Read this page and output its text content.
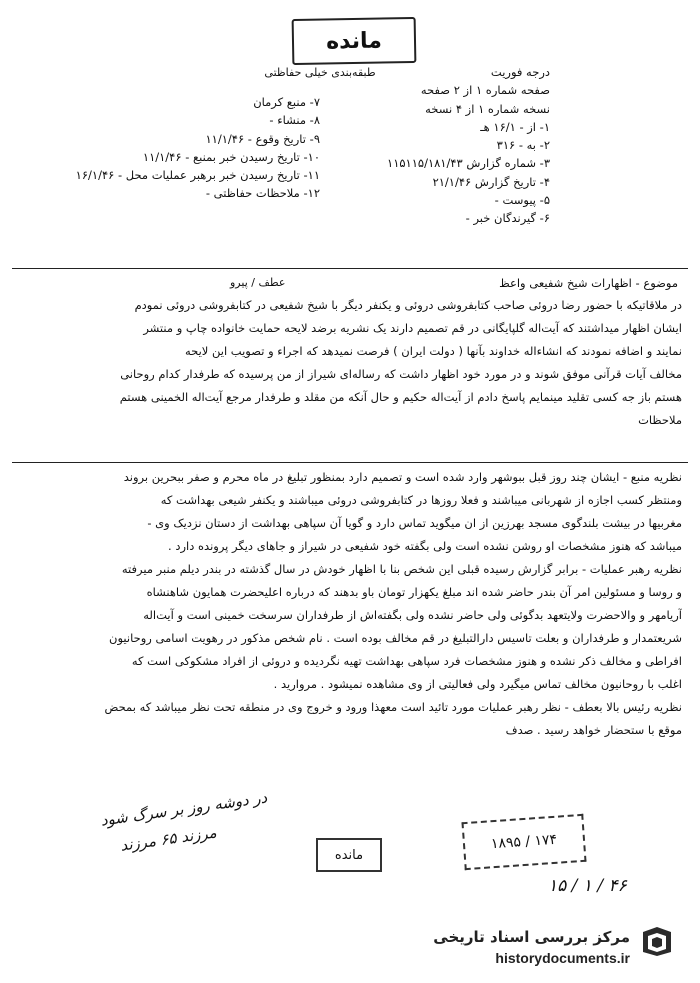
مانده
طبقه‌بندی خیلی حفاظتی	درجه فوریت
صفحه شماره ۱ از ۲ صفحه
نسخه شماره ۱ از ۴ نسخه
۱- از - ۱۶/۱ هـ
۲- به - ۳۱۶
۳- شماره گزارش ۱۱۵۱۱۵/۱۸۱/۴۳
۴- تاریخ گزارش ۲۱/۱/۴۶
۵- پیوست -
۶- گیرندگان خبر -
۷- منبع کرمان
۸- منشاء -
۹- تاریخ وقوع - ۱۱/۱/۴۶
۱۰- تاریخ رسیدن خبر بمنبع - ۱۱/۱/۴۶
۱۱- تاریخ رسیدن خبر برهبر عملیات محل - ۱۶/۱/۴۶
۱۲- ملاحظات حفاظتی -
موضوع - اظهارات شیخ شفیعی واعظ
عطف / پیرو
در ملاقاتیکه با حضور رضا دروئی صاحب کتابفروشی دروئی و یکنفر دیگر با شیخ شفیعی در کتابفروشی دروئی نمودم
ایشان اظهار میداشتند که آیت‌اله گلپایگانی در قم تصمیم دارند یک نشریه برضد لایحه حمایت خانواده چاپ و منتشر
نمایند و اضافه نمودند که انشاءاله خداوند بآنها ( دولت ایران ) فرصت نمیدهد که اجراء و تصویب این لایحه
مخالف آیات قرآنی موفق شوند و در مورد خود اظهار داشت که رساله‌ای شیراز از من پرسیده که طرفدار کدام روحانی
هستم باز جه کسی تقلید مینمایم پاسخ دادم از آیت‌اله حکیم و حال آنکه من مقلد و طرفدار مرجع آیت‌اله الخمینی هستم
ملاحظات
نظریه منبع - ایشان چند روز قبل ببوشهر وارد شده است و تصمیم دارد بمنظور تبلیغ در ماه محرم و صفر ببحرین بروند
ومنتظر کسب اجازه از شهربانی میباشند و فعلا روزها در کتابفروشی دروئی میباشند و یکنفر شیعی بهداشت که
مغربیها در بیشت بلندگوی مسجد بهرزین از ان میگوید تماس دارد و گویا آن سپاهی بهداشت از دستان نزدیک وی -
میباشد که هنوز مشخصات او روشن نشده است ولی بگفته خود شفیعی در شیراز و جاهای دیگر پرونده دارد .
نظریه رهبر عملیات - برابر گزارش رسیده قبلی این شخص بنا با اظهار خودش در سال گذشته در بندر دیلم منبر میرفته
و روسا و مسئولین امر آن بندر حاضر شده اند مبلغ یکهزار تومان باو بدهند که درباره اعلیحضرت همایون شاهنشاه
آریامهر و والاحضرت ولایتعهد بدگوئی ولی حاضر نشده ولی بگفته‌اش از طرفداران سرسخت خمینی است و آیت‌اله
شریعتمدار و طرفداران و بعلت تاسیس دارالتبلیغ در قم مخالف بوده است . نام شخص مذکور در رهویت اسامی روحانیون
افراطی و مخالف ذکر نشده و هنوز مشخصات فرد سپاهی بهداشت تهیه نگردیده و دروئی از افراد مشکوکی است که
اغلب با روحانیون مخالف تماس میگیرد ولی فعالیتی از وی مشاهده نمیشود . مروارید .
نظریه رئیس بالا بعطف - نظر رهبر عملیات مورد تائید است معهذا ورود و خروج وی در منطقه تحت نظر میباشد که بمحض
موقع با ستحضار خواهد رسید . صدف
در دوشه روز بر سرگ شود
مرزند ۶۵ مرزند	۱۸۹۵ / ۱۷۴
مانده
۱۵ / ۱ / ۴۶
مرکز بررسی اسناد تاریخی
historydocuments.ir
